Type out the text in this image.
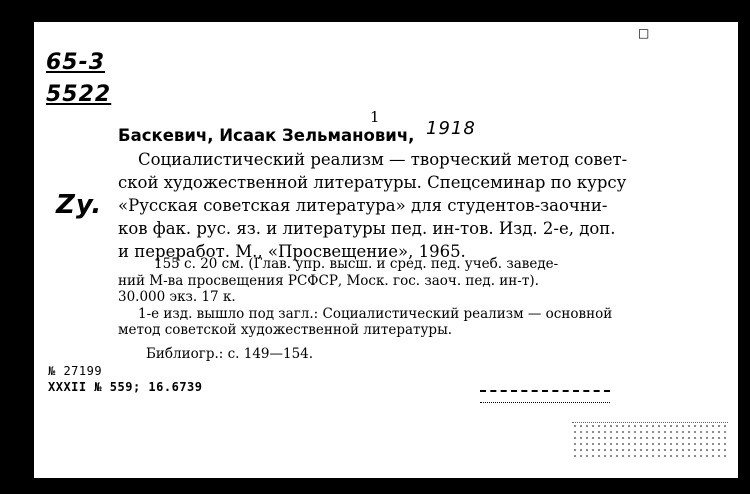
□
65-3
5522
Zy.
1918
1
Баскевич, Исаак Зельманович,
Социалистический реализм — творческий метод совет-
ской художественной литературы. Спецсеминар по курсу
«Русская советская литература» для студентов-заочни-
ков фак. рус. яз. и литературы пед. ин-тов. Изд. 2-е, доп.
и переработ. М., «Просвещение», 1965.
155 с. 20 см. (Глав. упр. высш. и сред. пед. учеб. заведе-
ний М-ва просвещения РСФСР, Моск. гос. заоч. пед. ин-т).
30.000 экз. 17 к.
1-е изд. вышло под загл.: Социалистический реализм — основной
метод советской художественной литературы.
Библиогр.: с. 149—154.
№ 27199
XXXII № 559; 16.6739
